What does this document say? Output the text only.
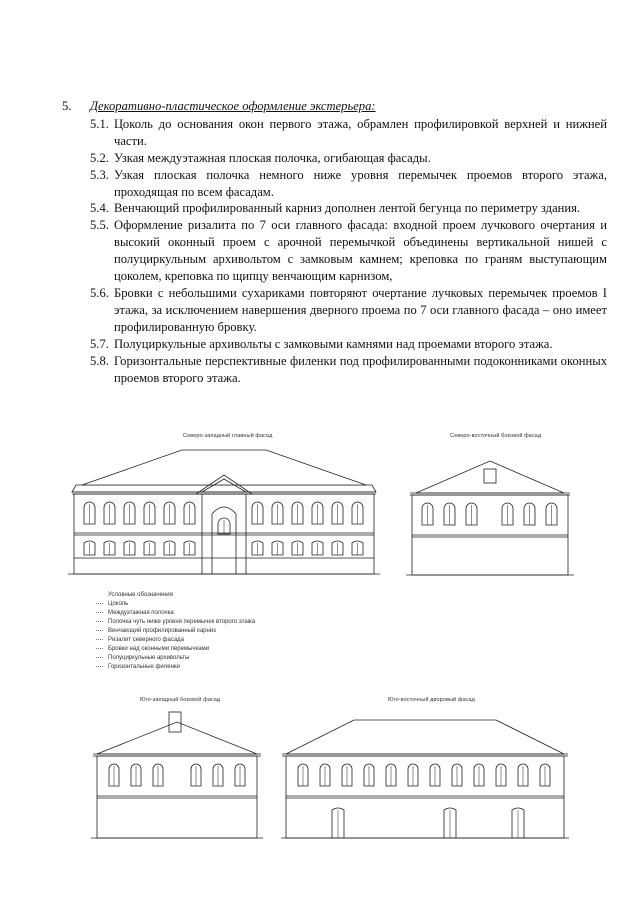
5. Декоративно-пластическое оформление экстерьера:

5.1. Цоколь до основания окон первого этажа, обрамлен профилировкой верхней и нижней части.

5.2. Узкая междуэтажная плоская полочка, огибающая фасады.

5.3. Узкая плоская полочка немного ниже уровня перемычек проемов второго этажа, проходящая по всем фасадам.

5.4. Венчающий профилированный карниз дополнен лентой бегунца по периметру здания.

5.5. Оформление ризалита по 7 оси главного фасада: входной проем лучкового очертания и высокий оконный проем с арочной перемычкой объединены вертикальной нишей с полуциркульным архивольтом с замковым камнем; креповка по граням выступающим цоколем, креповка по щипцу венчающим карнизом,

5.6. Бровки с небольшими сухариками повторяют очертание лучковых перемычек проемов I этажа, за исключением навершения дверного проема по 7 оси главного фасада – оно имеет профилированную бровку.

5.7. Полуциркульные архивольты с замковыми камнями над проемами второго этажа.

5.8. Горизонтальные перспективные филенки под профилированными подоконниками оконных проемов второго этажа.

Северо-западный главный фасад	Северо-восточный боковой фасад
Юго-западный боковой фасад	Юго-восточный дворовый фасад
Условные обозначения
Цоколь
Междуэтажная полочка
Полочка чуть ниже уровня перемычек второго этажа
Венчающий профилированный карниз
Ризалит северного фасада
Бровки над оконными перемычками
Полуциркульные архивольты
Горизонтальные филенки
